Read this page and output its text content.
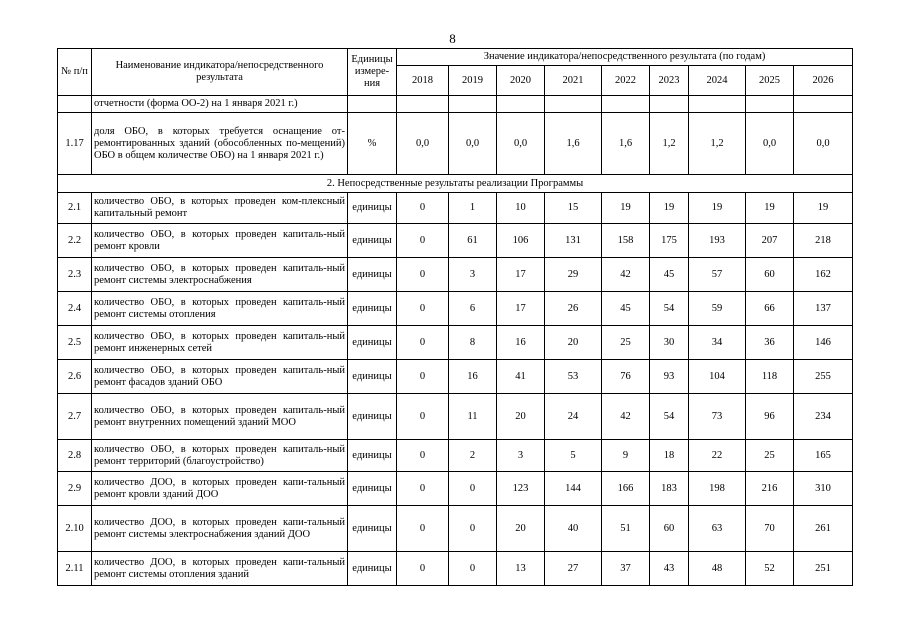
8
№ п/п	Наименование индикатора/непосредственного результата	Единицы измере-ния	Значение индикатора/непосредственного результата (по годам)								
			2018	2019	2020	2021	2022	2023	2024	2025	2026
	отчетности (форма ОО-2) на 1 января 2021 г.)										
1.17	доля ОБО, в которых требуется оснащение от-ремонтированных зданий (обособленных по-мещений) ОБО в общем количестве ОБО) на 1 января 2021 г.)	%	0,0	0,0	0,0	1,6	1,6	1,2	1,2	0,0	0,0
2. Непосредственные результаты реализации Программы											
2.1	количество ОБО, в которых проведен ком-плексный капитальный ремонт	единицы	0	1	10	15	19	19	19	19	19
2.2	количество ОБО, в которых проведен капиталь-ный ремонт кровли	единицы	0	61	106	131	158	175	193	207	218
2.3	количество ОБО, в которых проведен капиталь-ный ремонт системы электроснабжения	единицы	0	3	17	29	42	45	57	60	162
2.4	количество ОБО, в которых проведен капиталь-ный ремонт системы отопления	единицы	0	6	17	26	45	54	59	66	137
2.5	количество ОБО, в которых проведен капиталь-ный ремонт инженерных сетей	единицы	0	8	16	20	25	30	34	36	146
2.6	количество ОБО, в которых проведен капиталь-ный ремонт фасадов зданий ОБО	единицы	0	16	41	53	76	93	104	118	255
2.7	количество ОБО, в которых проведен капиталь-ный ремонт внутренних помещений зданий МОО	единицы	0	11	20	24	42	54	73	96	234
2.8	количество ОБО, в которых проведен капиталь-ный ремонт территорий (благоустройство)	единицы	0	2	3	5	9	18	22	25	165
2.9	количество ДОО, в которых проведен капи-тальный ремонт кровли зданий ДОО	единицы	0	0	123	144	166	183	198	216	310
2.10	количество ДОО, в которых проведен капи-тальный ремонт системы электроснабжения зданий ДОО	единицы	0	0	20	40	51	60	63	70	261
2.11	количество ДОО, в которых проведен капи-тальный ремонт системы отопления зданий	единицы	0	0	13	27	37	43	48	52	251
